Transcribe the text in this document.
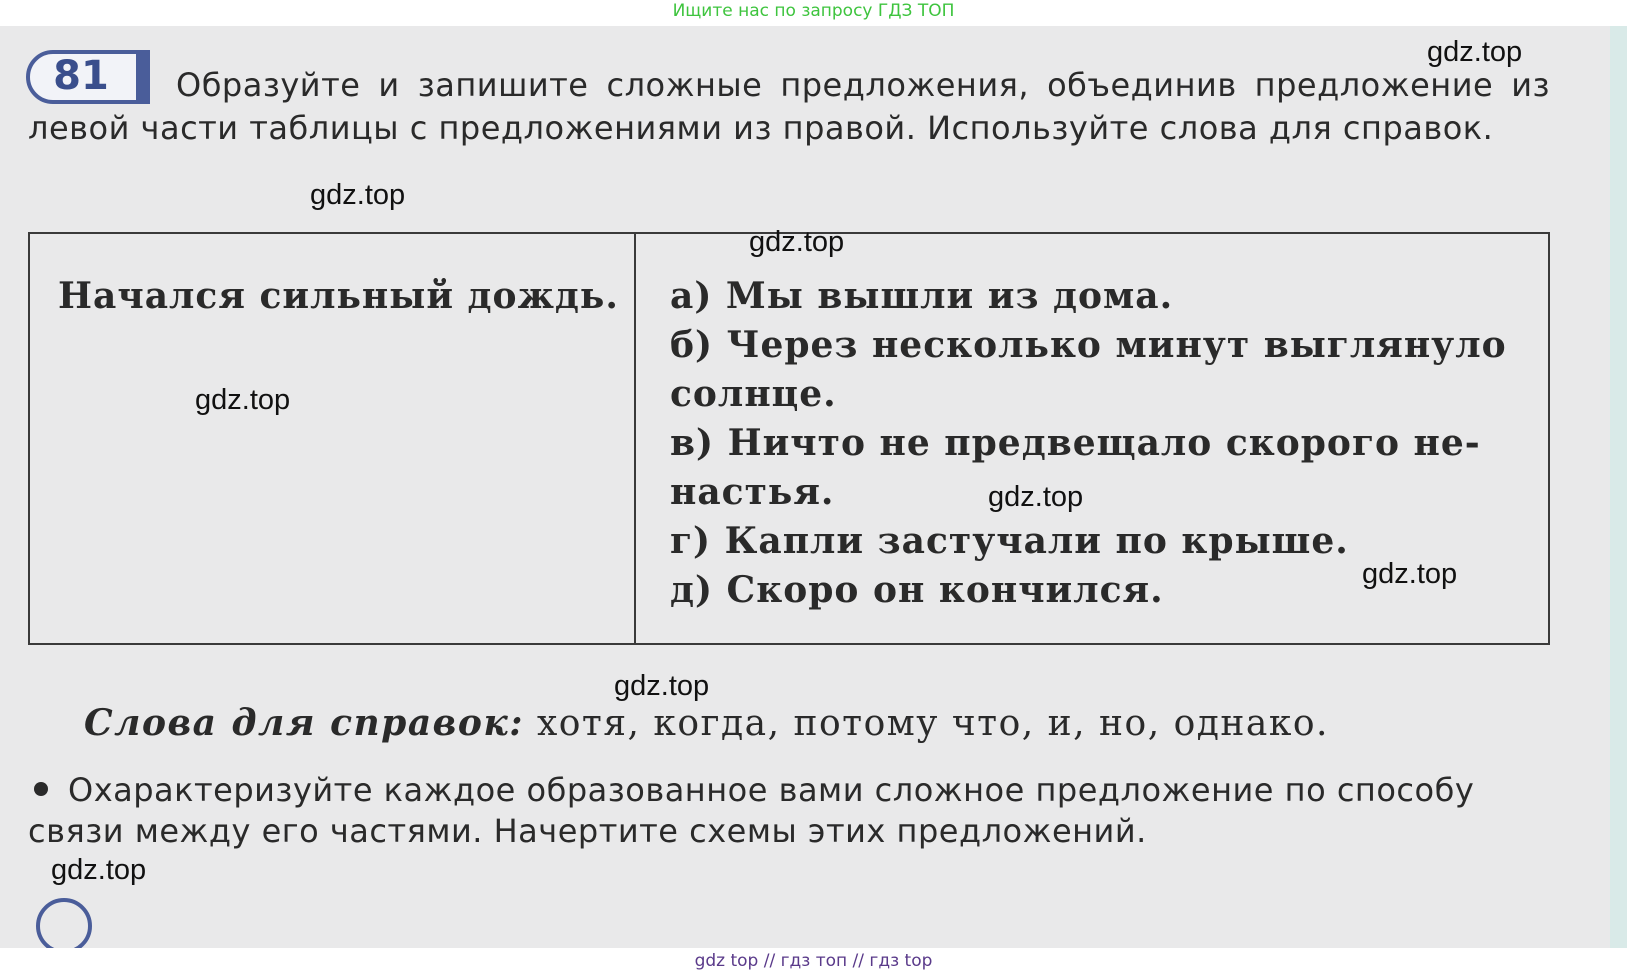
Ищите нас по запросу ГДЗ ТОП
81	Образуйте и запишите сложные предложения, объединив предложение из левой части таблицы с предложениями из правой. Используйте слова для справок.
Начался сильный дождь.	а) Мы вышли из дома.
б) Через несколько минут выглянуло
солнце.
в) Ничто не предвещало скорого не-
настья.
г) Капли застучали по крыше.
д) Скоро он кончился.
Слова для справок: хотя, когда, потому что, и, но, однако.
Охарактеризуйте каждое образованное вами сложное предложение по способу связи между его частями. Начертите схемы этих предложений.
gdz.top
gdz.top
gdz.top
gdz.top
gdz.top
gdz.top
gdz.top
gdz.top
gdz top // гдз топ // гдз top
